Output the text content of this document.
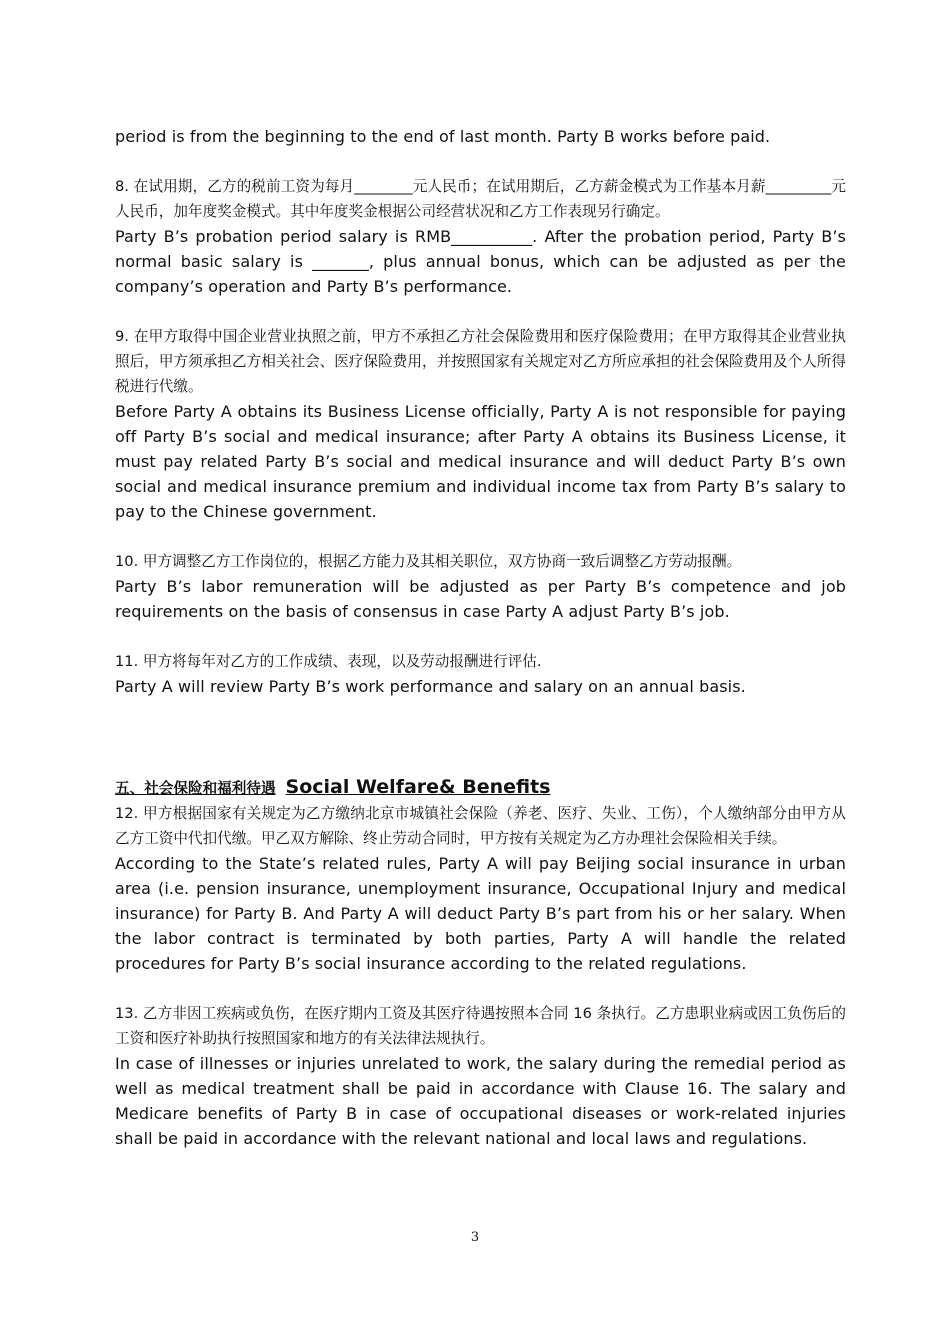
period is from the beginning to the end of last month. Party B works before paid.

8. 在试用期，乙方的税前工资为每月________元人民币；在试用期后，乙方薪金模式为工作基本月薪_________元人民币，加年度奖金模式。其中年度奖金根据公司经营状况和乙方工作表现另行确定。

Party B’s probation period salary is RMB__________. After the probation period, Party B’s normal basic salary is _______, plus annual bonus, which can be adjusted as per the company’s operation and Party B’s performance.

9. 在甲方取得中国企业营业执照之前，甲方不承担乙方社会保险费用和医疗保险费用；在甲方取得其企业营业执照后，甲方须承担乙方相关社会、医疗保险费用，并按照国家有关规定对乙方所应承担的社会保险费用及个人所得税进行代缴。

Before Party A obtains its Business License officially, Party A is not responsible for paying off Party B’s social and medical insurance; after Party A obtains its Business License, it must pay related Party B’s social and medical insurance and will deduct Party B’s own social and medical insurance premium and individual income tax from Party B’s salary to pay to the Chinese government.

10. 甲方调整乙方工作岗位的，根据乙方能力及其相关职位，双方协商一致后调整乙方劳动报酬。

Party B’s labor remuneration will be adjusted as per Party B’s competence and job requirements on the basis of consensus in case Party A adjust Party B’s job.

11. 甲方将每年对乙方的工作成绩、表现，以及劳动报酬进行评估.

Party A will review Party B’s work performance and salary on an annual basis.

五、社会保险和福利待遇 Social Welfare& Benefits

12. 甲方根据国家有关规定为乙方缴纳北京市城镇社会保险（养老、医疗、失业、工伤），个人缴纳部分由甲方从乙方工资中代扣代缴。甲乙双方解除、终止劳动合同时，甲方按有关规定为乙方办理社会保险相关手续。

According to the State’s related rules, Party A will pay Beijing social insurance in urban area (i.e. pension insurance, unemployment insurance, Occupational Injury and medical insurance) for Party B. And Party A will deduct Party B’s part from his or her salary. When the labor contract is terminated by both parties, Party A will handle the related procedures for Party B’s social insurance according to the related regulations.

13. 乙方非因工疾病或负伤，在医疗期内工资及其医疗待遇按照本合同 16 条执行。乙方患职业病或因工负伤后的工资和医疗补助执行按照国家和地方的有关法律法规执行。

In case of illnesses or injuries unrelated to work, the salary during the remedial period as well as medical treatment shall be paid in accordance with Clause 16. The salary and Medicare benefits of Party B in case of occupational diseases or work-related injuries shall be paid in accordance with the relevant national and local laws and regulations.

3
